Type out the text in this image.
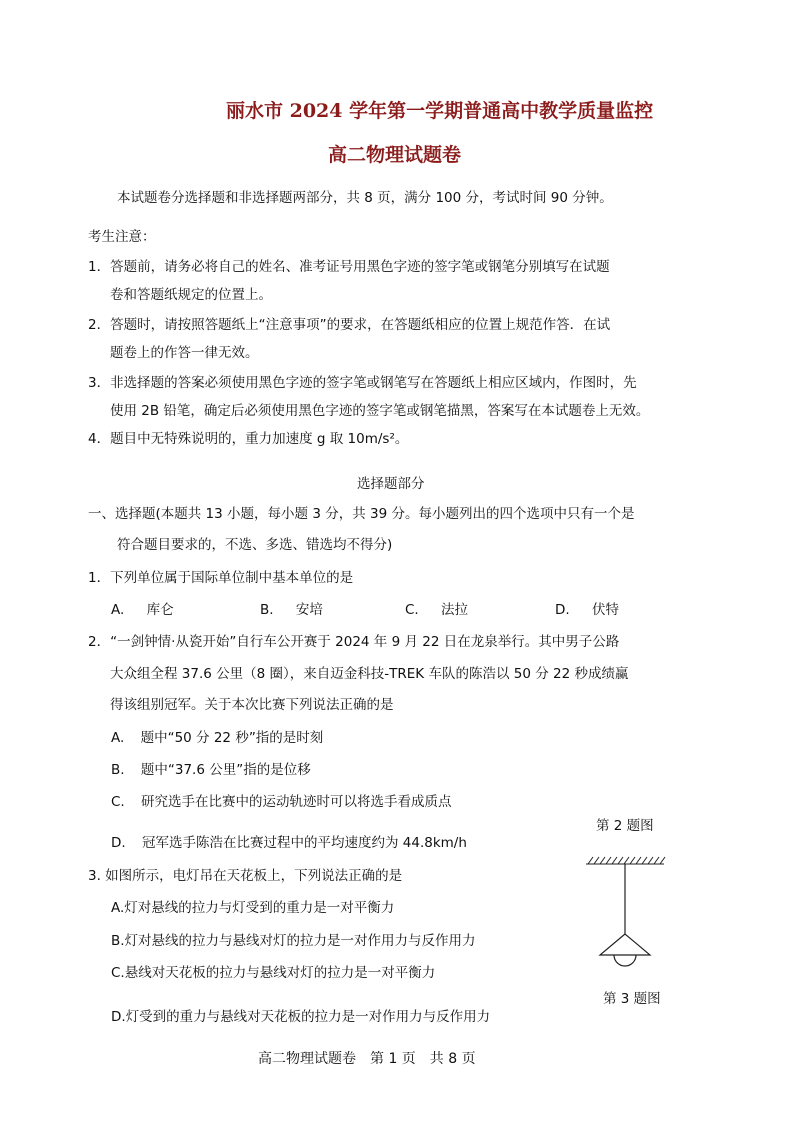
丽水市 2024 学年第一学期普通高中教学质量监控
高二物理试题卷
本试题卷分选择题和非选择题两部分，共 8 页，满分 100 分，考试时间 90 分钟。
考生注意：
1．答题前，请务必将自己的姓名、准考证号用黑色字迹的签字笔或钢笔分别填写在试题
卷和答题纸规定的位置上。
2．答题时，请按照答题纸上“注意事项”的要求，在答题纸相应的位置上规范作答．在试
题卷上的作答一律无效。
3．非选择题的答案必须使用黑色字迹的签字笔或钢笔写在答题纸上相应区域内，作图时，先
使用 2B 铅笔，确定后必须使用黑色字迹的签字笔或钢笔描黑，答案写在本试题卷上无效。
4．题目中无特殊说明的，重力加速度 g 取 10m/s²。
选择题部分
一、选择题(本题共 13 小题，每小题 3 分，共 39 分。每小题列出的四个选项中只有一个是
符合题目要求的，不选、多选、错选均不得分)
1．下列单位属于国际单位制中基本单位的是
A. 库仑	B. 安培	C. 法拉	D. 伏特
2．“一剑钟情·从瓷开始”自行车公开赛于 2024 年 9 月 22 日在龙泉举行。其中男子公路
大众组全程 37.6 公里（8 圈），来自迈金科技-TREK 车队的陈浩以 50 分 22 秒成绩赢
得该组别冠军。关于本次比赛下列说法正确的是
A. 题中“50 分 22 秒”指的是时刻
B. 题中“37.6 公里”指的是位移
C. 研究选手在比赛中的运动轨迹时可以将选手看成质点
第 2 题图
D. 冠军选手陈浩在比赛过程中的平均速度约为 44.8km/h
3. 如图所示，电灯吊在天花板上，下列说法正确的是
A.灯对悬线的拉力与灯受到的重力是一对平衡力
B.灯对悬线的拉力与悬线对灯的拉力是一对作用力与反作用力
C.悬线对天花板的拉力与悬线对灯的拉力是一对平衡力
D.灯受到的重力与悬线对天花板的拉力是一对作用力与反作用力
第 3 题图
高二物理试题卷　第 1 页　共 8 页
